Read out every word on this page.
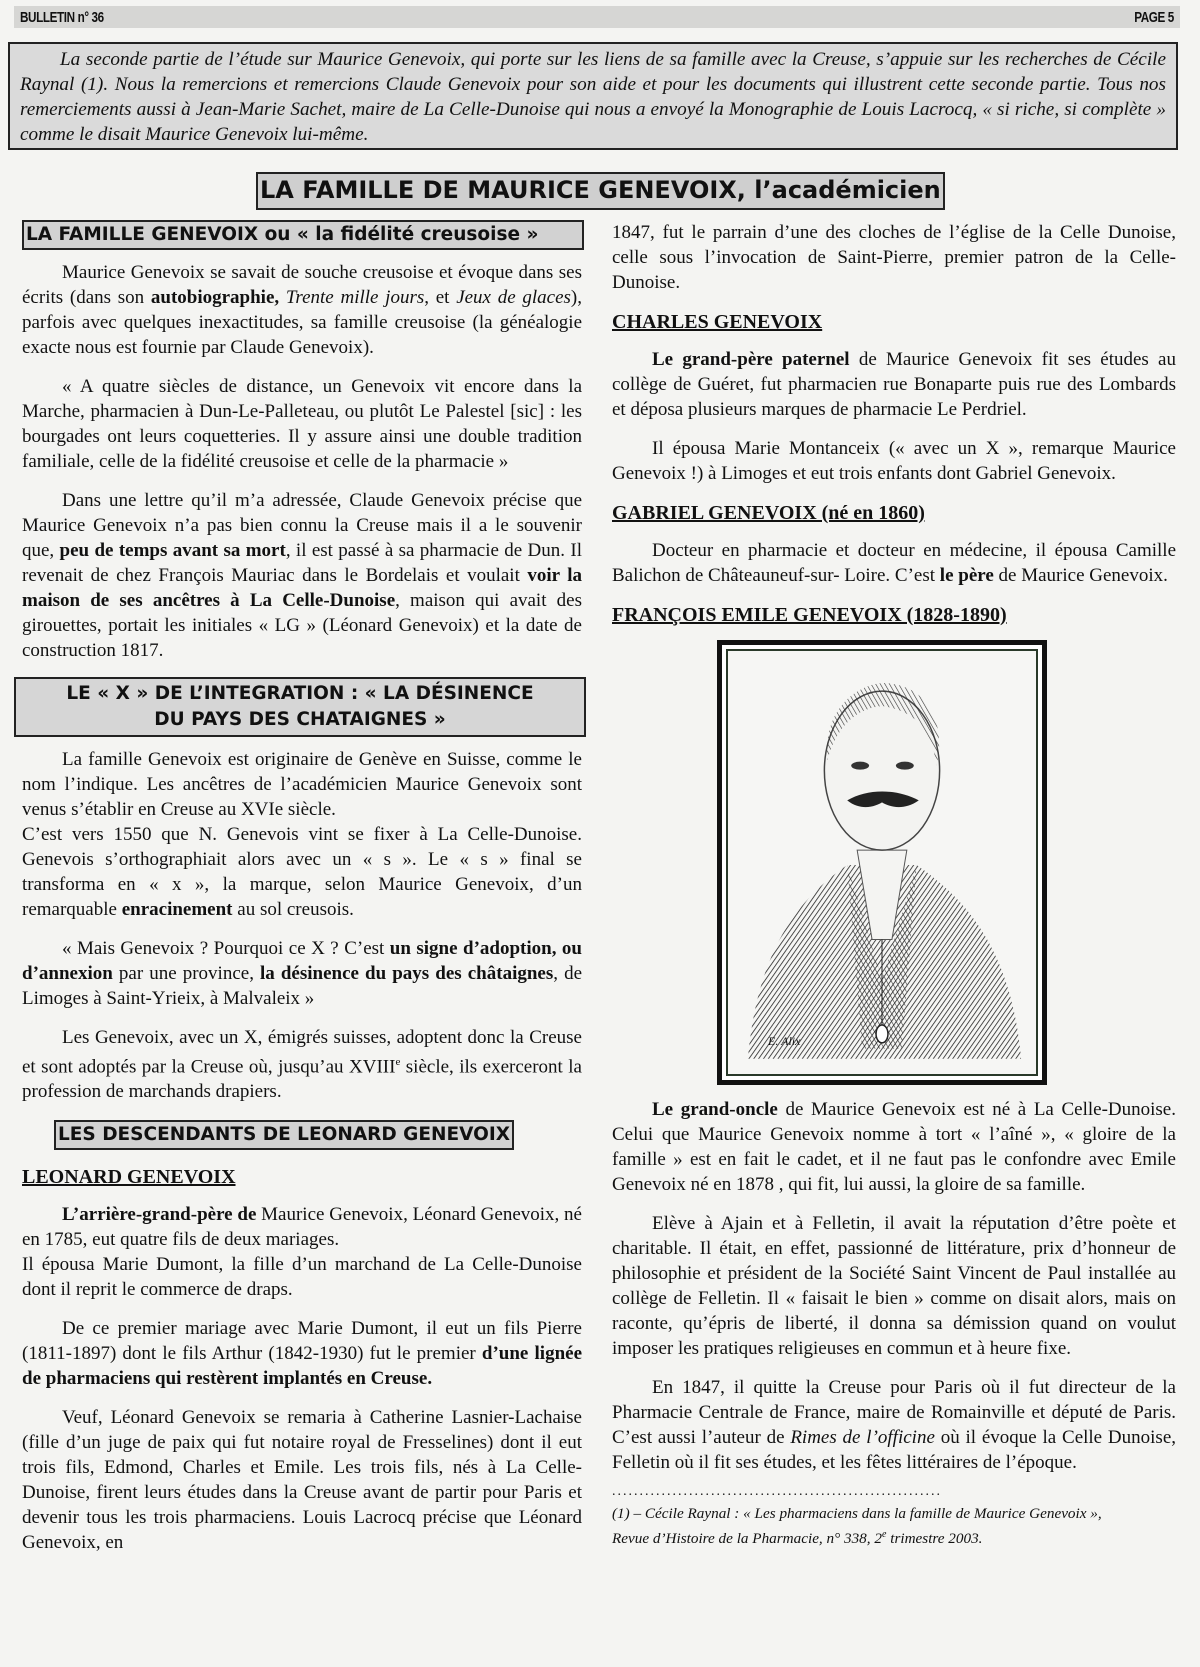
BULLETIN n° 36	PAGE 5

La seconde partie de l’étude sur Maurice Genevoix, qui porte sur les liens de sa famille avec la Creuse, s’appuie sur les recherches de Cécile Raynal (1). Nous la remercions et remercions Claude Genevoix pour son aide et pour les documents qui illustrent cette seconde partie. Tous nos remerciements aussi à Jean-Marie Sachet, maire de La Celle-Dunoise qui nous a envoyé la Monographie de Louis Lacrocq, « si riche, si complète » comme le disait Maurice Genevoix lui-même.

LA FAMILLE DE MAURICE GENEVOIX, l’académicien
LA FAMILLE GENEVOIX ou « la fidélité creusoise »

Maurice Genevoix se savait de souche creusoise et évoque dans ses écrits (dans son autobiographie, Trente mille jours, et Jeux de glaces), parfois avec quelques inexactitudes, sa famille creusoise (la généalogie exacte nous est fournie par Claude Genevoix).

« A quatre siècles de distance, un Genevoix vit encore dans la Marche, pharmacien à Dun-Le-Palleteau, ou plutôt Le Palestel [sic] : les bourgades ont leurs coquetteries. Il y assure ainsi une double tradition familiale, celle de la fidélité creusoise et celle de la pharmacie »

Dans une lettre qu’il m’a adressée, Claude Genevoix précise que Maurice Genevoix n’a pas bien connu la Creuse mais il a le souvenir que, peu de temps avant sa mort, il est passé à sa pharmacie de Dun. Il revenait de chez François Mauriac dans le Bordelais et voulait voir la maison de ses ancêtres à La Celle-Dunoise, maison qui avait des girouettes, portait les initiales « LG » (Léonard Genevoix) et la date de construction 1817.

LE « X » DE L’INTEGRATION : « LA DÉSINENCE
DU PAYS DES CHATAIGNES »

La famille Genevoix est originaire de Genève en Suisse, comme le nom l’indique. Les ancêtres de l’académicien Maurice Genevoix sont venus s’établir en Creuse au XVIe siècle.

C’est vers 1550 que N. Genevois vint se fixer à La Celle-Dunoise. Genevois s’orthographiait alors avec un « s ». Le « s » final se transforma en « x », la marque, selon Maurice Genevoix, d’un remarquable enracinement au sol creusois.

« Mais Genevoix ? Pourquoi ce X ? C’est un signe d’adoption, ou d’annexion par une province, la désinence du pays des châtaignes, de Limoges à Saint-Yrieix, à Malvaleix »

Les Genevoix, avec un X, émigrés suisses, adoptent donc la Creuse et sont adoptés par la Creuse où, jusqu’au XVIIIe siècle, ils exerceront la profession de marchands drapiers.

LES DESCENDANTS DE LEONARD GENEVOIX
LEONARD GENEVOIX

L’arrière-grand-père de Maurice Genevoix, Léonard Genevoix, né en 1785, eut quatre fils de deux mariages.

Il épousa Marie Dumont, la fille d’un marchand de La Celle-Dunoise dont il reprit le commerce de draps.

De ce premier mariage avec Marie Dumont, il eut un fils Pierre (1811-1897) dont le fils Arthur (1842-1930) fut le premier d’une lignée de pharmaciens qui restèrent implantés en Creuse.

Veuf, Léonard Genevoix se remaria à Catherine Lasnier-Lachaise (fille d’un juge de paix qui fut notaire royal de Fresselines) dont il eut trois fils, Edmond, Charles et Emile. Les trois fils, nés à La Celle-Dunoise, firent leurs études dans la Creuse avant de partir pour Paris et devenir tous les trois pharmaciens. Louis Lacrocq précise que Léonard Genevoix, en

1847, fut le parrain d’une des cloches de l’église de la Celle Dunoise, celle sous l’invocation de Saint-Pierre, premier patron de la Celle-Dunoise.

CHARLES GENEVOIX

Le grand-père paternel de Maurice Genevoix fit ses études au collège de Guéret, fut pharmacien rue Bonaparte puis rue des Lombards et déposa plusieurs marques de pharmacie Le Perdriel.

Il épousa Marie Montanceix (« avec un X », remarque Maurice Genevoix !) à Limoges et eut trois enfants dont Gabriel Genevoix.

GABRIEL GENEVOIX (né en 1860)

Docteur en pharmacie et docteur en médecine, il épousa Camille Balichon de Châteauneuf-sur- Loire. C’est le père de Maurice Genevoix.

FRANÇOIS EMILE GENEVOIX (1828-1890)
E. Alix

Le grand-oncle de Maurice Genevoix est né à La Celle-Dunoise. Celui que Maurice Genevoix nomme à tort « l’aîné », « gloire de la famille » est en fait le cadet, et il ne faut pas le confondre avec Emile Genevoix né en 1878 , qui fit, lui aussi, la gloire de sa famille.

Elève à Ajain et à Felletin, il avait la réputation d’être poète et charitable. Il était, en effet, passionné de littérature, prix d’honneur de philosophie et président de la Société Saint Vincent de Paul installée au collège de Felletin. Il « faisait le bien » comme on disait alors, mais on raconte, qu’épris de liberté, il donna sa démission quand on voulut imposer les pratiques religieuses en commun et à heure fixe.

En 1847, il quitte la Creuse pour Paris où il fut directeur de la Pharmacie Centrale de France, maire de Romainville et député de Paris. C’est aussi l’auteur de Rimes de l’officine où il évoque la Celle Dunoise, Felletin où il fit ses études, et les fêtes littéraires de l’époque.

............................................................
(1) – Cécile Raynal : « Les pharmaciens dans la famille de Maurice Genevoix »,
Revue d’Histoire de la Pharmacie, n° 338, 2e trimestre 2003.
